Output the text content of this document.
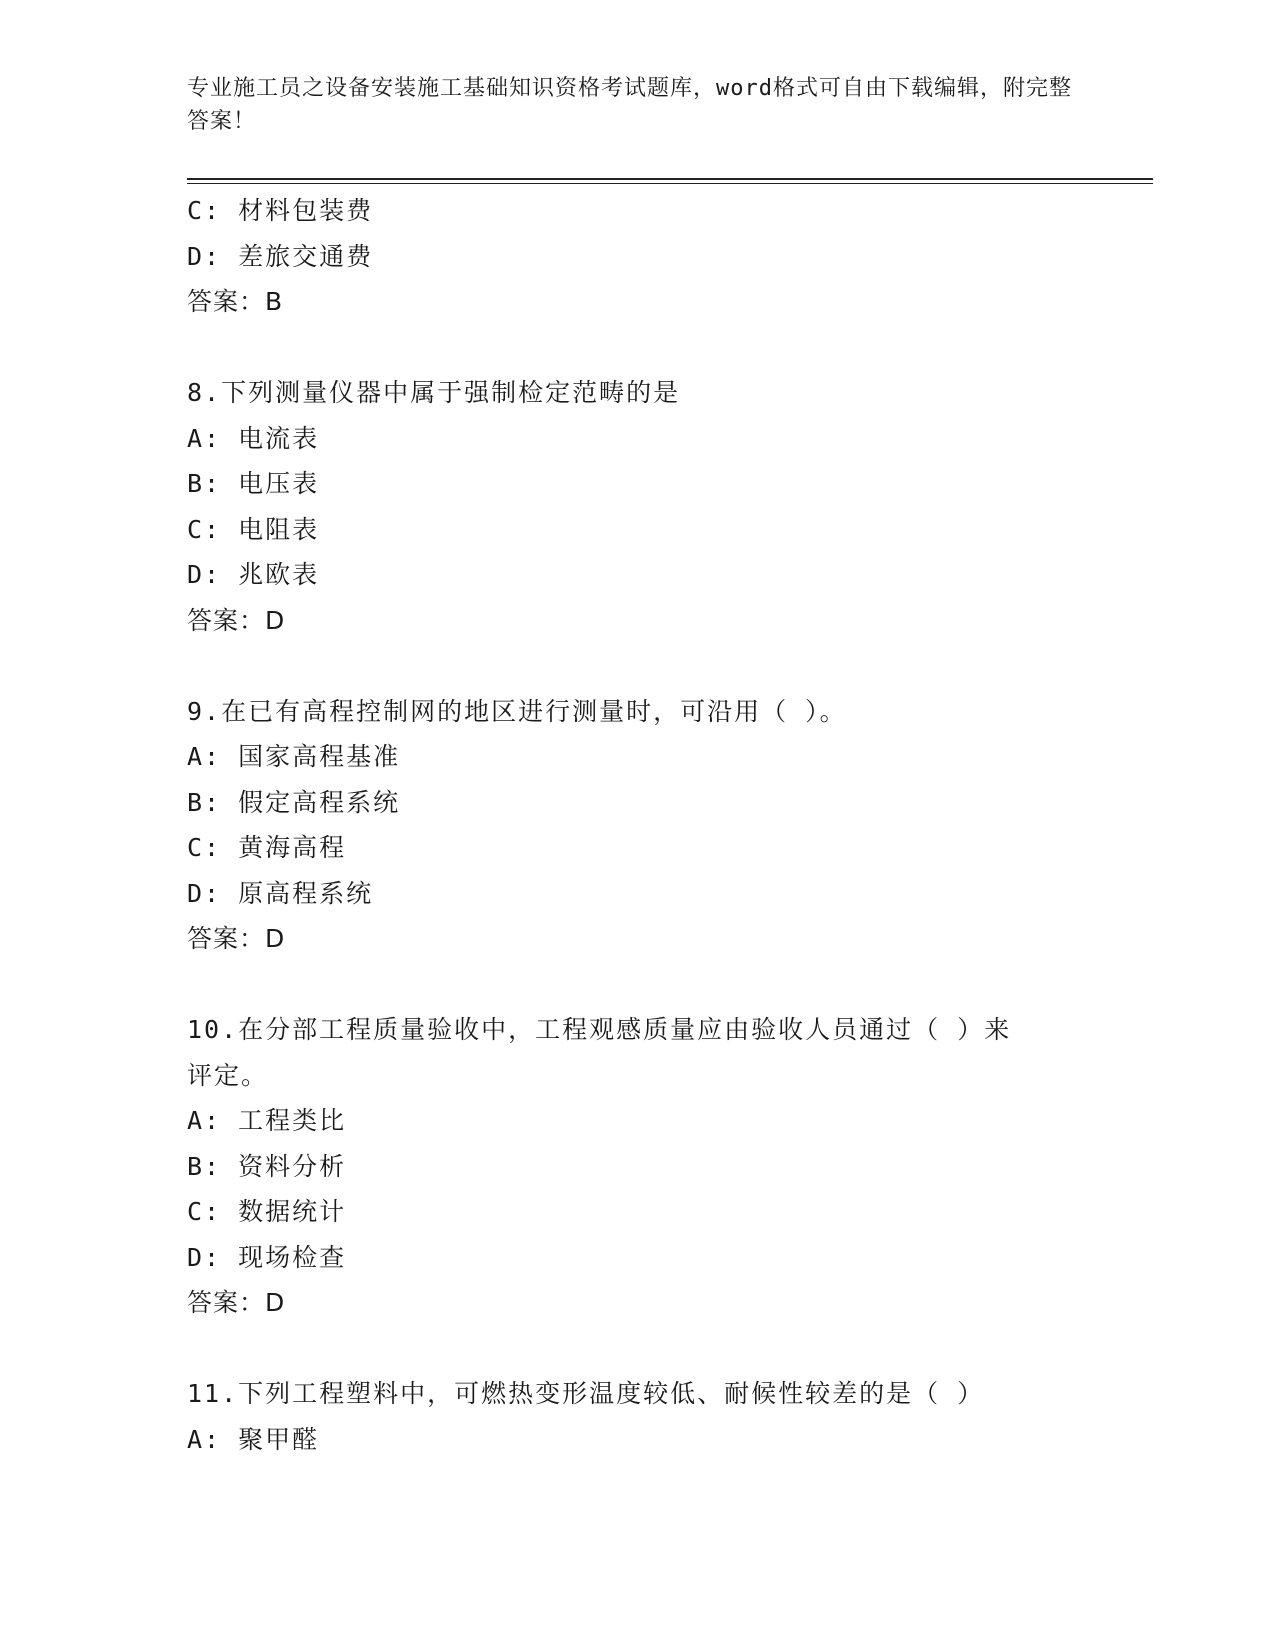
专业施工员之设备安装施工基础知识资格考试题库，word格式可自由下载编辑，附完整答案！
C: 材料包装费
D: 差旅交通费
答案：B
8.下列测量仪器中属于强制检定范畴的是
A: 电流表
B: 电压表
C: 电阻表
D: 兆欧表
答案：D
9.在已有高程控制网的地区进行测量时，可沿用（ ）。
A: 国家高程基准
B: 假定高程系统
C: 黄海高程
D: 原高程系统
答案：D
10.在分部工程质量验收中，工程观感质量应由验收人员通过（ ）来评定。
A: 工程类比
B: 资料分析
C: 数据统计
D: 现场检查
答案：D
11.下列工程塑料中，可燃热变形温度较低、耐候性较差的是（ ）
A: 聚甲醛
